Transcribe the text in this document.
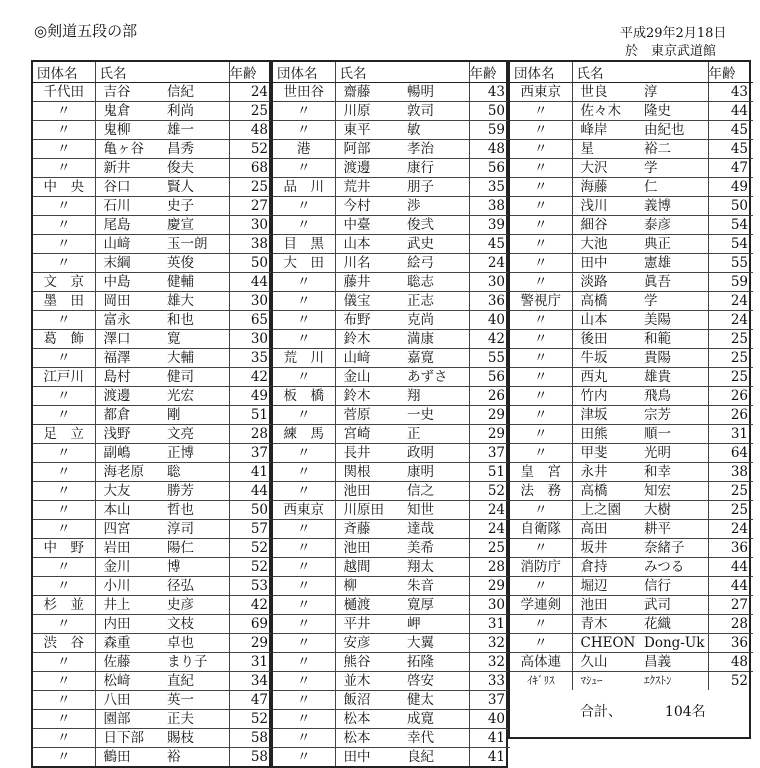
◎剣道五段の部	平成29年2月18日
於　東京武道館
団体名	氏名		年齢
千代田	吉谷	信紀	24
〃	鬼倉	利尚	25
〃	鬼柳	雄一	48
〃	亀ヶ谷	昌秀	52
〃	新井	俊夫	68
中　央	谷口	賢人	25
〃	石川	史子	27
〃	尾島	慶宣	30
〃	山﨑	玉一朗	38
〃	末綱	英俊	50
文　京	中島	健輔	44
墨　田	岡田	雄大	30
〃	富永	和也	65
葛　飾	澤口	寛	30
〃	福澤	大輔	35
江戸川	島村	健司	42
〃	渡邊	光宏	49
〃	都倉	剛	51
足　立	浅野	文亮	28
〃	副嶋	正博	37
〃	海老原	聡	41
〃	大友	勝芳	44
〃	本山	哲也	50
〃	四宮	淳司	57
中　野	岩田	陽仁	52
〃	金川	博	52
〃	小川	径弘	53
杉　並	井上	史彦	42
〃	内田	文枝	69
渋　谷	森重	卓也	29
〃	佐藤	まり子	31
〃	松﨑	直紀	34
〃	八田	英一	47
〃	園部	正夫	52
〃	日下部	賜枝	58
〃	鶴田	裕	58
団体名	氏名		年齢
世田谷	齋藤	暢明	43
〃	川原	敦司	50
〃	東平	敏	59
港	阿部	孝治	48
〃	渡邊	康行	56
品　川	荒井	朋子	35
〃	今村	渉	38
〃	中臺	俊弐	39
目　黒	山本	武史	45
大　田	川名	絵弓	24
〃	藤井	聡志	30
〃	儀宝	正志	36
〃	布野	克尚	40
〃	鈴木	満康	42
荒　川	山﨑	嘉寛	55
〃	金山	あずさ	56
板　橋	鈴木	翔	26
〃	菅原	一史	29
練　馬	宮崎	正	29
〃	長井	政明	37
〃	関根	康明	51
〃	池田	信之	52
西東京	川原田	知世	24
〃	斉藤	達哉	24
〃	池田	美希	25
〃	越間	翔太	28
〃	柳	朱音	29
〃	樋渡	寛厚	30
〃	平井	岬	31
〃	安彦	大翼	32
〃	熊谷	拓隆	32
〃	並木	啓安	33
〃	飯沼	健太	37
〃	松本	成寛	40
〃	松本	幸代	41
〃	田中	良紀	41
団体名	氏名		年齢
西東京	世良	淳	43
〃	佐々木	隆史	44
〃	峰岸	由紀也	45
〃	星	裕二	45
〃	大沢	学	47
〃	海藤	仁	49
〃	浅川	義博	50
〃	細谷	泰彦	54
〃	大池	典正	54
〃	田中	憲雄	55
〃	淡路	眞吾	59
警視庁	高橋	学	24
〃	山本	美陽	24
〃	後田	和範	25
〃	牛坂	貴陽	25
〃	西丸	雄貴	25
〃	竹内	飛鳥	26
〃	津坂	宗芳	26
〃	田熊	順一	31
〃	甲斐	光明	64
皇　宮	永井	和幸	38
法　務	高橋	知宏	25
〃	上之園	大樹	25
自衛隊	高田	耕平	24
〃	坂井	奈緒子	36
消防庁	倉持	みつる	44
〃	堀辺	信行	44
学連剣	池田	武司	27
〃	青木	花織	28
〃	CHEON	Dong-Uk	36
高体連	久山	昌義	48
ｲｷﾞﾘｽ	ﾏｼｭｰ	ｴｸｽﾄﾝ	52
合計、	104名
